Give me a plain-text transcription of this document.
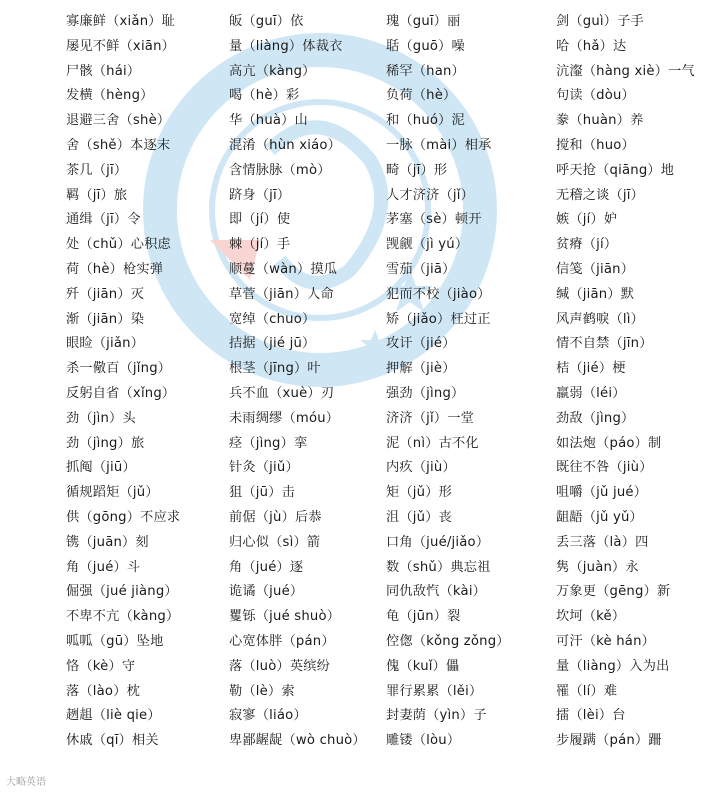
寡廉鲜（xiǎn）耻
屡见不鲜（xiān）
尸骸（hái）
发横（hèng）
退避三舍（shè）
舍（shě）本逐末
茶几（jī）
羁（jī）旅
通缉（jī）令
处（chǔ）心积虑
荷（hè）枪实弹
歼（jiān）灭
渐（jiān）染
眼睑（jiǎn）
杀一儆百（jǐng）
反躬自省（xǐng）
劲（jìn）头
劲（jìng）旅
抓阄（jiū）
循规蹈矩（jǔ）
供（gōng）不应求
镌（juān）刻
角（jué）斗
倔强（jué jiàng）
不卑不亢（kàng）
呱呱（gū）坠地
恪（kè）守
落（lào）枕
趔趄（liè qie）
休戚（qī）相关
皈（guī）依
量（liàng）体裁衣
高亢（kàng）
喝（hè）彩
华（huà）山
混淆（hùn xiáo）
含情脉脉（mò）
跻身（jī）
即（jí）使
棘（jí）手
顺蔓（wàn）摸瓜
草菅（jiān）人命
宽绰（chuo）
拮据（jié jū）
根茎（jīng）叶
兵不血（xuè）刃
未雨绸缪（móu）
痉（jìng）挛
针灸（jiǔ）
狙（jū）击
前倨（jù）后恭
归心似（sì）箭
角（jué）逐
诡谲（jué）
矍铄（jué shuò）
心宽体胖（pán）
落（luò）英缤纷
勒（lè）索
寂寥（liáo）
卑鄙龌龊（wò chuò）
瑰（guī）丽
聒（guō）噪
稀罕（han）
负荷（hè）
和（huó）泥
一脉（mài）相承
畸（jī）形
人才济济（jǐ）
茅塞（sè）顿开
觊觎（jì yú）
雪茄（jiā）
犯而不校（jiào）
矫（jiǎo）枉过正
攻讦（jié）
押解（jiè）
强劲（jìng）
济济（jǐ）一堂
泥（nì）古不化
内疚（jiù）
矩（jǔ）形
沮（jǔ）丧
口角（jué/jiǎo）
数（shǔ）典忘祖
同仇敌忾（kài）
龟（jūn）裂
倥偬（kǒng zǒng）
傀（kuǐ）儡
罪行累累（lěi）
封妻荫（yìn）子
雕镂（lòu）
剑（guì）子手
哈（hǎ）达
沆瀣（hàng xiè）一气
句读（dòu）
豢（huàn）养
搅和（huo）
呼天抢（qiāng）地
无稽之谈（jī）
嫉（jí）妒
贫瘠（jí）
信笺（jiān）
缄（jiān）默
风声鹤唳（lì）
情不自禁（jīn）
桔（jié）梗
羸弱（léi）
劲敌（jìng）
如法炮（páo）制
既往不咎（jiù）
咀嚼（jǔ jué）
龃龉（jǔ yǔ）
丢三落（là）四
隽（juàn）永
万象更（gēng）新
坎坷（kě）
可汗（kè hán）
量（liàng）入为出
罹（lí）难
擂（lèi）台
步履蹒（pán）跚
大略英语
